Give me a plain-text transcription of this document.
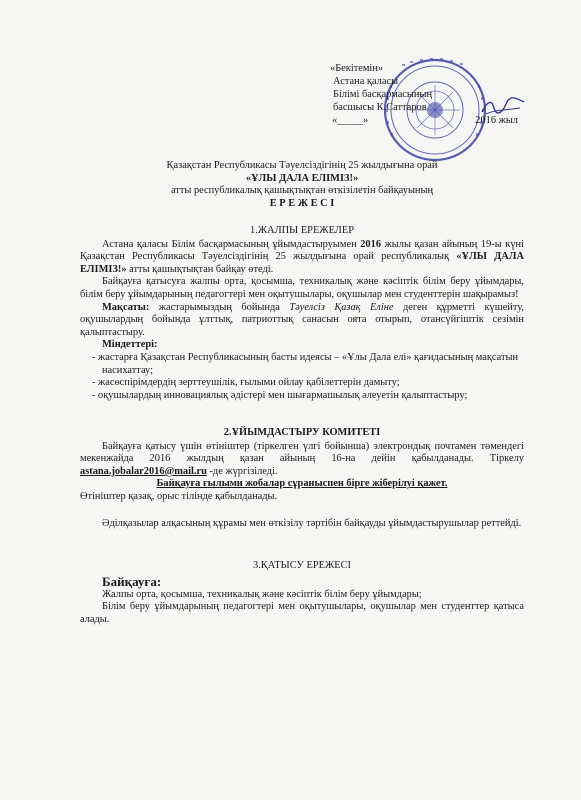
«Бекітемін»
Астана қаласы
Білімі басқармасының
басшысы К.Саттаров
«_____»	2016 жыл
Қазақстан Республикасы Тәуелсіздігінің 25 жылдығына орай
«ҰЛЫ ДАЛА ЕЛІМІЗ!»
атты республикалық қашықтықтан өткізілетін байқауының
Е Р Е Ж Е С І
1.ЖАЛПЫ ЕРЕЖЕЛЕР

Астана қаласы Білім басқармасының ұйымдастыруымен 2016 жылы қазан айының 19-ы күні Қазақстан Республикасы Тәуелсіздігінің 25 жылдығына орай республикалық «ҰЛЫ ДАЛА ЕЛІМІЗ!» атты қашықтықтан байқау өтеді.

Байқауға қатысуға жалпы орта, қосымша, техникалық және кәсіптік білім беру ұйымдары, білім беру ұйымдарының педагогтері мен оқытушылары, оқушылар мен студенттерін шақырамыз!

Мақсаты: жастарымыздың бойында Тәуелсіз Қазақ Еліне деген құрметті күшейту, оқушылардың бойында ұлттық, патриоттық санасын оята отырып, отансүйгіштік сезімін қалыптастыру.

Міндеттері:

- жастарға Қазақстан Республикасының басты идеясы – «Ұлы Дала елі» қағидасының мақсатын насихаттау;

- жасөспірімдердің зерттеушілік, ғылыми ойлау қабілеттерін дамыту;

- оқушылардың инновациялық әдістері мен шығармашылық әлеуетін қалыптастыру;

2.ҰЙЫМДАСТЫРУ КОМИТЕТІ

Байқауға қатысу үшін өтініштер (тіркелген үлгі бойынша) электрондық почтамен төмендегі мекенжайда 2016 жылдың қазан айының 16-на дейін қабылданады. Тіркелу astana.jobalar2016@mail.ru -де жүргізіледі.

Байқауға ғылыми жобалар сұраныспен бірге жіберілуі қажет.

Өтініштер қазақ, орыс тілінде қабылданады.

Әділқазылар алқасының құрамы мен өткізілу тәртібін байқауды ұйымдастырушылар реттейді.

3.ҚАТЫСУ ЕРЕЖЕСІ
Байқауға:

Жалпы орта, қосымша, техникалық және кәсіптік білім беру ұйымдары;

Білім беру ұйымдарының педагогтері мен оқытушылары, оқушылар мен студенттер қатыса алады.
